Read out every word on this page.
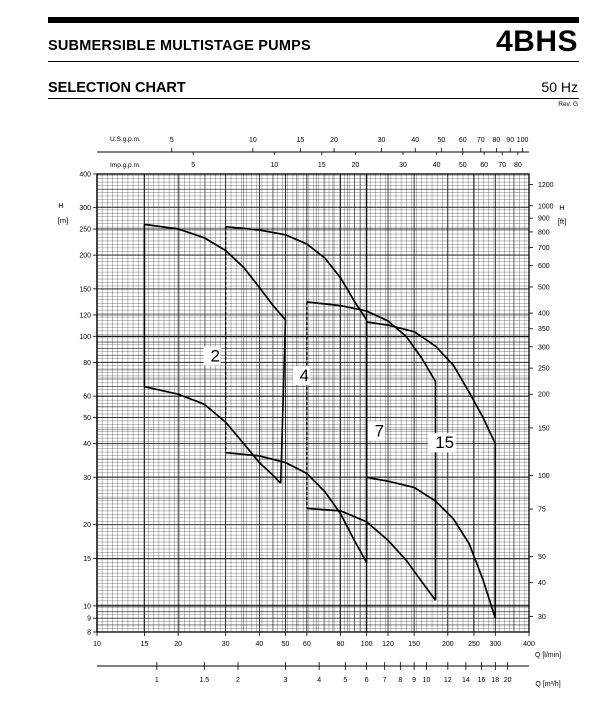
SUBMERSIBLE MULTISTAGE PUMPS	4BHS
SELECTION CHART	50 Hz
Rev. G
8
9
10
15
20
30
40
50
60
80
100
120
150
200
250
300
400
H
[m]
30
40
50
75
100
150
200
250
300
350
400
500
600
700
800
900
1000
1200
H
[ft]
10	15	20	30	40	50 60	80 100 120 150	200 250 300	400
Q [l/min]
1	1.5	2	3	4	5 6 7 8 9 10 12 14 16 18 20
Q [m³/h]
U.S.g.p.m.	5	10	15	20	30	40	50 60 70 80 90 100
Imp.g.p.m.	5	10	15	20	30	40	50 60 70 80
2
4
7
15
